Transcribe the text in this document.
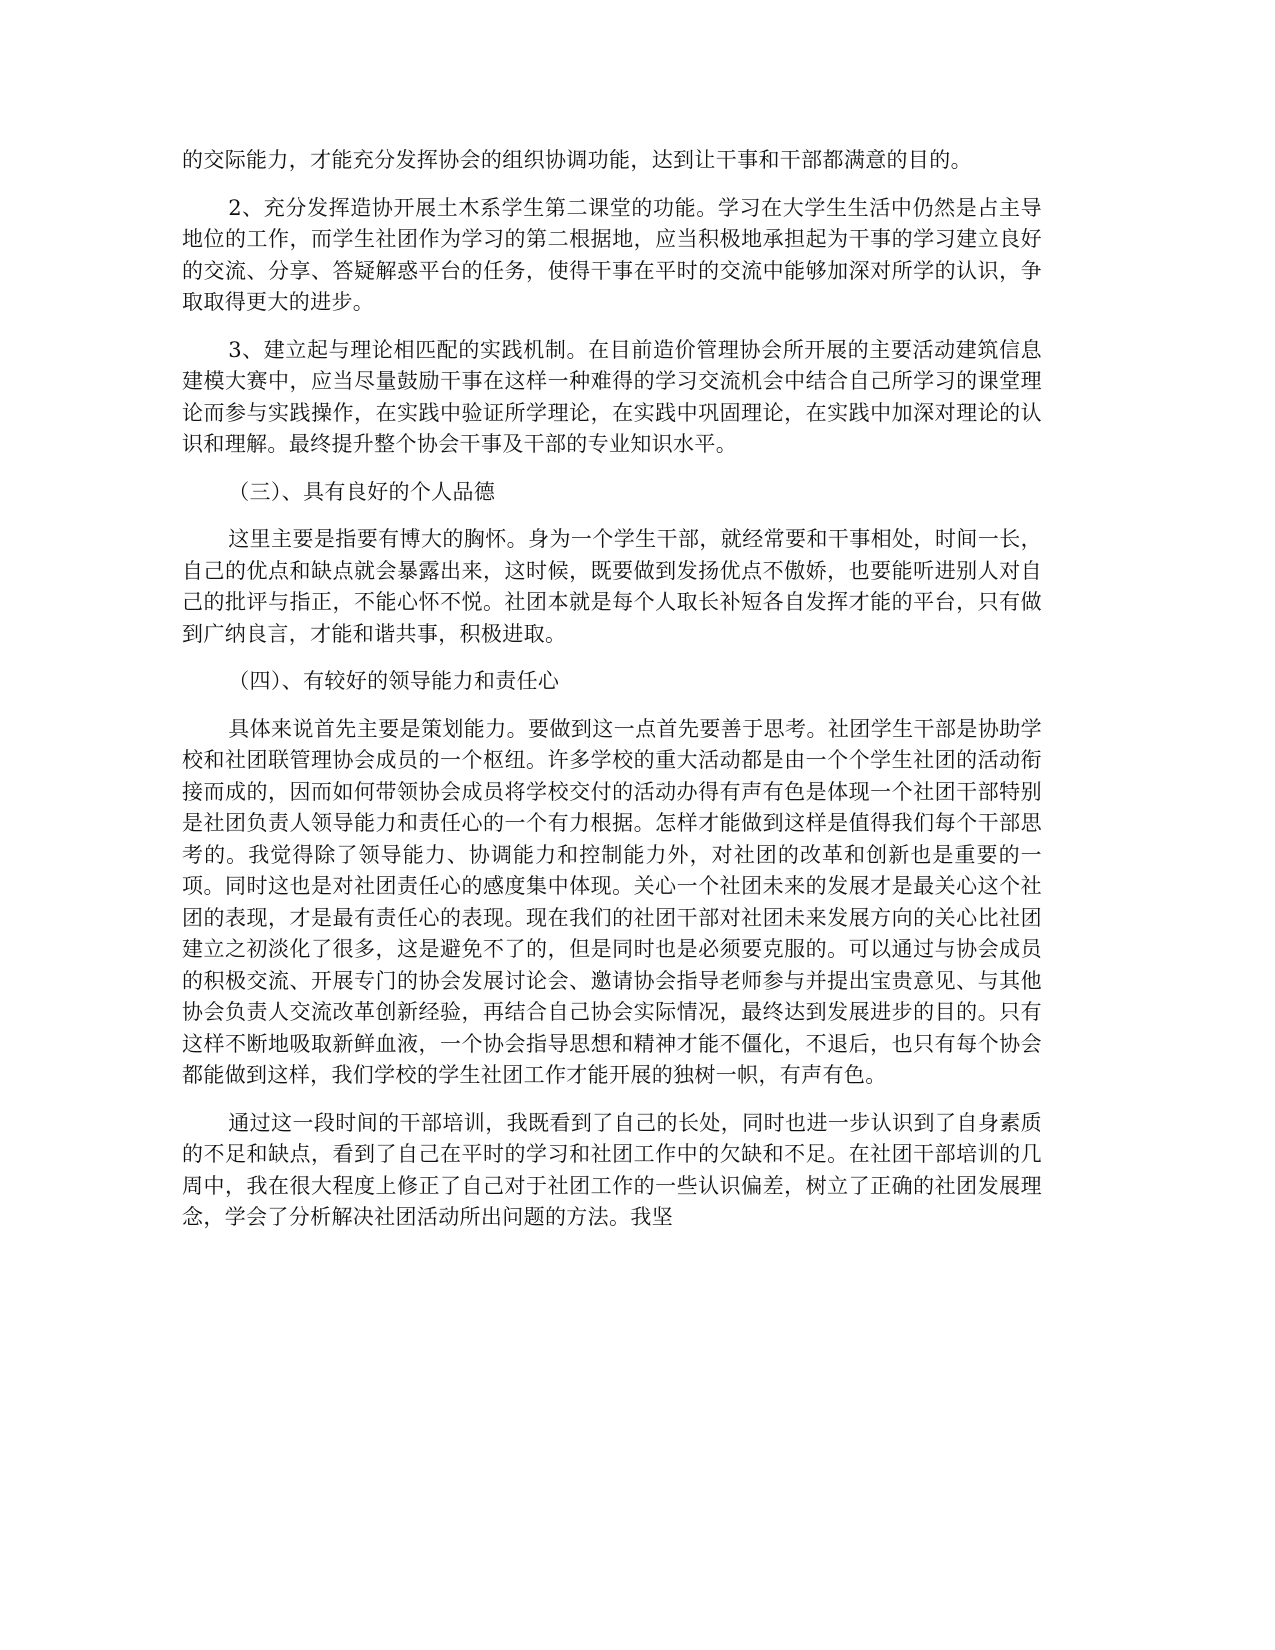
的交际能力，才能充分发挥协会的组织协调功能，达到让干事和干部都满意的目的。

2、充分发挥造协开展土木系学生第二课堂的功能。学习在大学生生活中仍然是占主导地位的工作，而学生社团作为学习的第二根据地，应当积极地承担起为干事的学习建立良好的交流、分享、答疑解惑平台的任务，使得干事在平时的交流中能够加深对所学的认识，争取取得更大的进步。

3、建立起与理论相匹配的实践机制。在目前造价管理协会所开展的主要活动建筑信息建模大赛中，应当尽量鼓励干事在这样一种难得的学习交流机会中结合自己所学习的课堂理论而参与实践操作，在实践中验证所学理论，在实践中巩固理论，在实践中加深对理论的认识和理解。最终提升整个协会干事及干部的专业知识水平。

（三）、具有良好的个人品德

这里主要是指要有博大的胸怀。身为一个学生干部，就经常要和干事相处，时间一长，自己的优点和缺点就会暴露出来，这时候，既要做到发扬优点不傲娇，也要能听进别人对自己的批评与指正，不能心怀不悦。社团本就是每个人取长补短各自发挥才能的平台，只有做到广纳良言，才能和谐共事，积极进取。

（四）、有较好的领导能力和责任心

具体来说首先主要是策划能力。要做到这一点首先要善于思考。社团学生干部是协助学校和社团联管理协会成员的一个枢纽。许多学校的重大活动都是由一个个学生社团的活动衔接而成的，因而如何带领协会成员将学校交付的活动办得有声有色是体现一个社团干部特别是社团负责人领导能力和责任心的一个有力根据。怎样才能做到这样是值得我们每个干部思考的。我觉得除了领导能力、协调能力和控制能力外，对社团的改革和创新也是重要的一项。同时这也是对社团责任心的感度集中体现。关心一个社团未来的发展才是最关心这个社团的表现，才是最有责任心的表现。现在我们的社团干部对社团未来发展方向的关心比社团建立之初淡化了很多，这是避免不了的，但是同时也是必须要克服的。可以通过与协会成员的积极交流、开展专门的协会发展讨论会、邀请协会指导老师参与并提出宝贵意见、与其他协会负责人交流改革创新经验，再结合自己协会实际情况，最终达到发展进步的目的。只有这样不断地吸取新鲜血液，一个协会指导思想和精神才能不僵化，不退后，也只有每个协会都能做到这样，我们学校的学生社团工作才能开展的独树一帜，有声有色。

通过这一段时间的干部培训，我既看到了自己的长处，同时也进一步认识到了自身素质的不足和缺点，看到了自己在平时的学习和社团工作中的欠缺和不足。在社团干部培训的几周中，我在很大程度上修正了自己对于社团工作的一些认识偏差，树立了正确的社团发展理念，学会了分析解决社团活动所出问题的方法。我坚
